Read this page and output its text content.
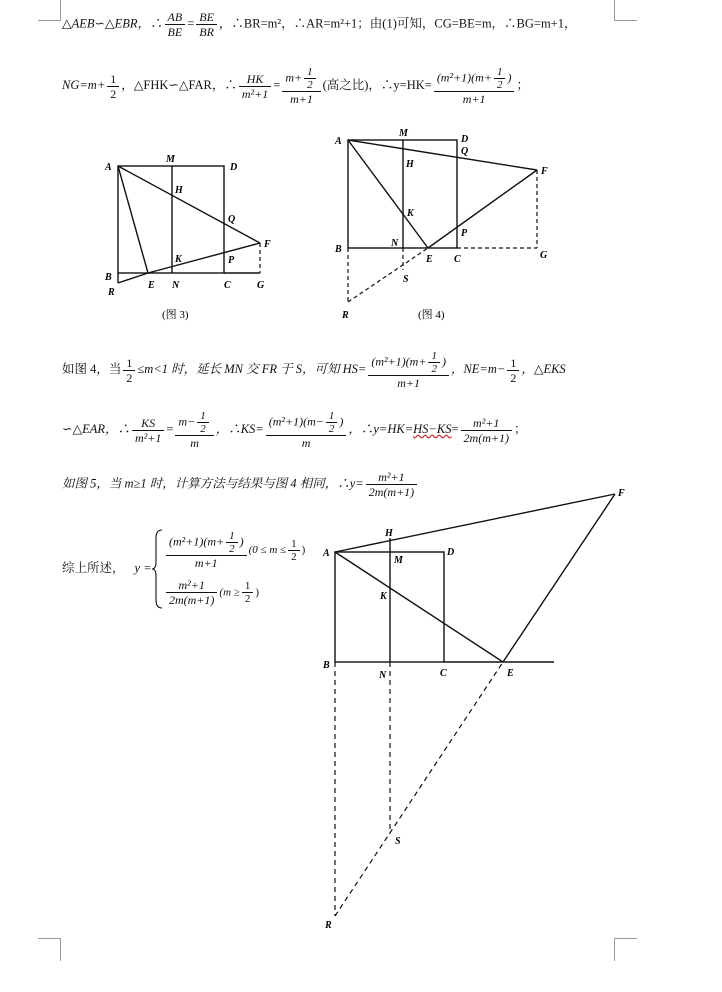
△AEB∽△EBR，∴ $\frac{AB}{BE} = \frac{BE}{BR}$ ，∴BR=m²，∴AR=m²+1；由(1)可知，CG=BE=m，∴BG=m+1，
$NG=m+ \frac{1}{2}$ ，△FHK∽△FAR，∴ $\frac{HK}{\text{m²+1}} = \frac{m+ \frac{1}{2}}{m+1}$ (高之比)，∴y=HK= $\frac{(m^2+1)(m+ \frac{1}{2} )}{m+1}$ ；
A
M
D
H
Q
F
K	P
B
R
E N	C	G
(图 3)
A
M
D
Q
H
F
K
P
B
N
E C	G
S
R	(图 4)
如图 4，当 $\frac{1}{2} \le m<1$ 时，延长 MN 交 FR 于 S，可知 $HS= \frac{(m^2+1)(m+ \frac{1}{2} )}{m+1}$ ，$NE=m- \frac{1}{2}$ ，△EKS
∽△EAR，∴ $\frac{KS}{\text{m²+1}} = \frac{m- \frac{1}{2}}{m}$ ，∴KS= $\frac{(m^2+1)(m- \frac{1}{2} )}{m}$ ，∴y=HK=HS−KS= $\frac{\text{m²+1}}{2m(m+1)}$ ；
如图 5，当 m≥1 时，计算方法与结果与图 4 相同，∴y= $\frac{\text{m²+1}}{2m(m+1)}$
综上所述， $y = \frac{(m^2+1)(m+ \frac{1}{2} )}{m+1} (0 \le m \le \frac{1}{2}$ )
$\frac{\text{m²+1}}{2m(m+1)} (m \ge \frac{1}{2}$ )
F
H
A
M
D
K
B
N	C	E
S
R
